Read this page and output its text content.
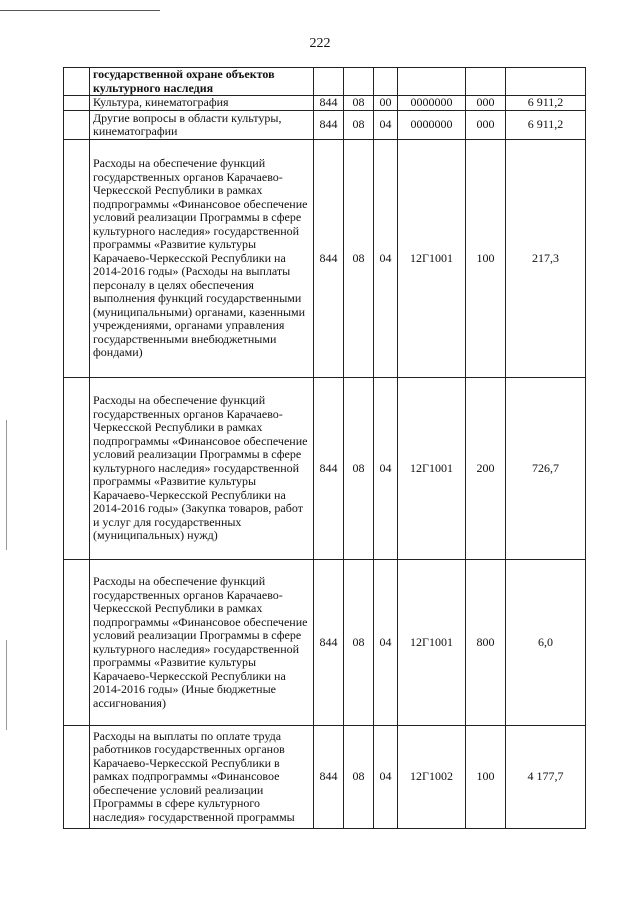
222
	государственной охране объектов культурного наследия						
	Культура, кинематография	844	08	00	0000000	000	6 911,2
	Другие вопросы в области культуры, кинематографии	844	08	04	0000000	000	6 911,2
	Расходы на обеспечение функций государственных органов Карачаево-Черкесской Республики в рамках подпрограммы «Финансовое обеспечение условий реализации Программы в сфере культурного наследия» государственной программы «Развитие культуры Карачаево-Черкесской Республики на 2014-2016 годы» (Расходы на выплаты персоналу в целях обеспечения выполнения функций государственными (муниципальными) органами, казенными учреждениями, органами управления государственными внебюджетными фондами)	844	08	04	12Г1001	100	217,3
	Расходы на обеспечение функций государственных органов Карачаево-Черкесской Республики в рамках подпрограммы «Финансовое обеспечение условий реализации Программы в сфере культурного наследия» государственной программы «Развитие культуры Карачаево-Черкесской Республики на 2014-2016 годы» (Закупка товаров, работ и услуг для государственных (муниципальных) нужд)	844	08	04	12Г1001	200	726,7
	Расходы на обеспечение функций государственных органов Карачаево-Черкесской Республики в рамках подпрограммы «Финансовое обеспечение условий реализации Программы в сфере культурного наследия» государственной программы «Развитие культуры Карачаево-Черкесской Республики на 2014-2016 годы» (Иные бюджетные ассигнования)	844	08	04	12Г1001	800	6,0
	Расходы на выплаты по оплате труда работников государственных органов Карачаево-Черкесской Республики в рамках подпрограммы «Финансовое обеспечение условий реализации Программы в сфере культурного наследия» государственной программы	844	08	04	12Г1002	100	4 177,7
